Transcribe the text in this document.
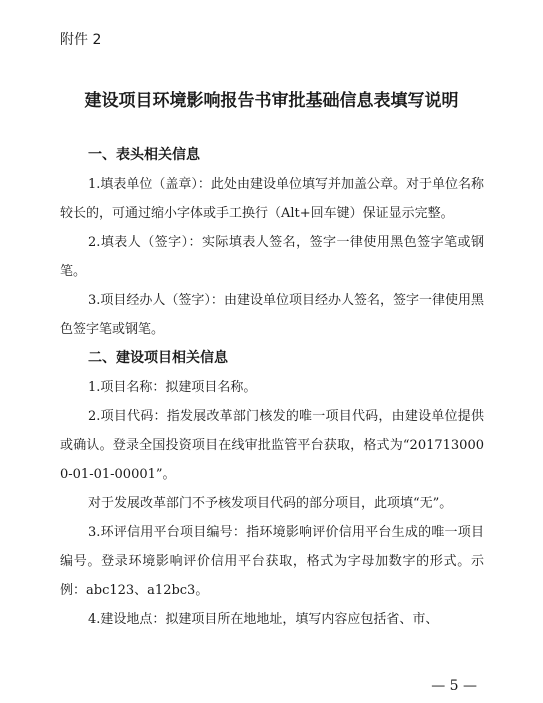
附件 2
建设项目环境影响报告书审批基础信息表填写说明
一、表头相关信息

1.填表单位（盖章）：此处由建设单位填写并加盖公章。对于单位名称较长的，可通过缩小字体或手工换行（Alt+回车键）保证显示完整。

2.填表人（签字）：实际填表人签名，签字一律使用黑色签字笔或钢笔。

3.项目经办人（签字）：由建设单位项目经办人签名，签字一律使用黑色签字笔或钢笔。

二、建设项目相关信息

1.项目名称：拟建项目名称。

2.项目代码：指发展改革部门核发的唯一项目代码，由建设单位提供或确认。登录全国投资项目在线审批监管平台获取，格式为“2017130000-01-01-00001”。

对于发展改革部门不予核发项目代码的部分项目，此项填“无”。

3.环评信用平台项目编号：指环境影响评价信用平台生成的唯一项目编号。登录环境影响评价信用平台获取，格式为字母加数字的形式。示例：abc123、a12bc3。

4.建设地点：拟建项目所在地地址，填写内容应包括省、市、

— 5 —
